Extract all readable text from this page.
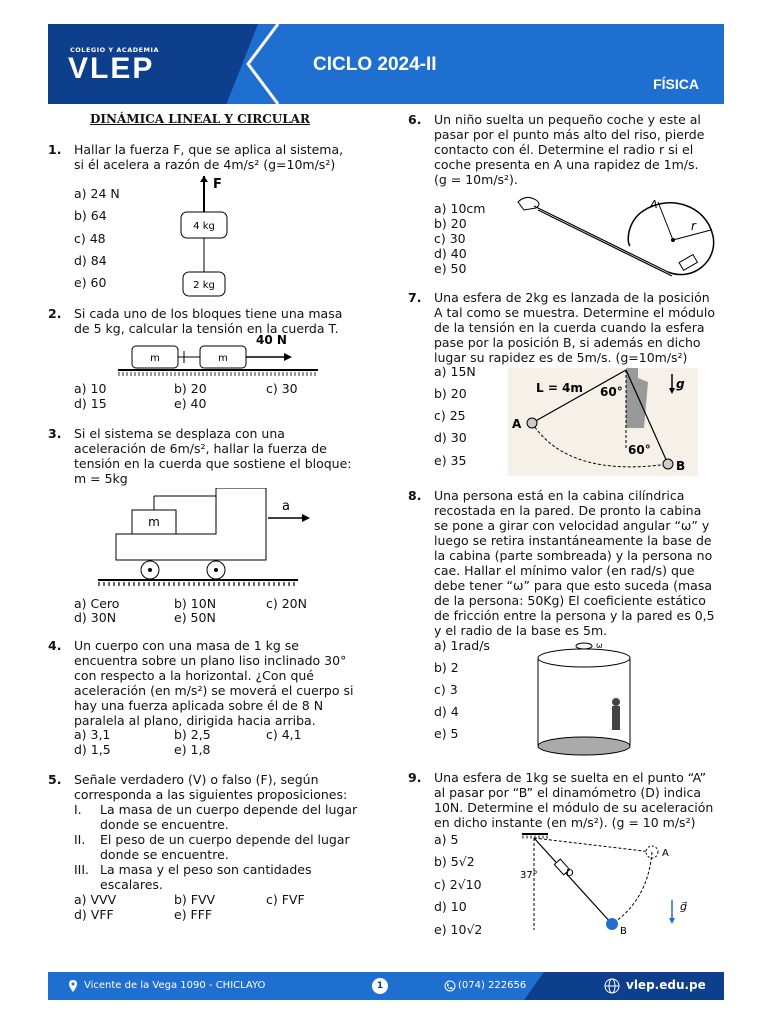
COLEGIO Y ACADEMIA
VLEP	CICLO 2024-II
FÍSICA
DINÁMICA LINEAL Y CIRCULAR
1. Hallar la fuerza F, que se aplica al sistema,
si él acelera a razón de 4m/s² (g=10m/s²)
a) 24 N
b) 64
c) 48
d) 84
e) 60
F
4 kg
2 kg
2. Si cada uno de los bloques tiene una masa
de 5 kg, calcular la tensión en la cuerda T.
m	m
40 N
a) 10	b) 20	c) 30
d) 15	e) 40
3. Si el sistema se desplaza con una
aceleración de 6m/s², hallar la fuerza de
tensión en la cuerda que sostiene el bloque:
m = 5kg
m
a
a) Cero	b) 10N	c) 20N
d) 30N	e) 50N
4. Un cuerpo con una masa de 1 kg se
encuentra sobre un plano liso inclinado 30°
con respecto a la horizontal. ¿Con qué
aceleración (en m/s²) se moverá el cuerpo si
hay una fuerza aplicada sobre él de 8 N
paralela al plano, dirigida hacia arriba.
a) 3,1	b) 2,5	c) 4,1
d) 1,5	e) 1,8
5. Señale verdadero (V) o falso (F), según
corresponda a las siguientes proposiciones:
I. La masa de un cuerpo depende del lugar
donde se encuentre.
II. El peso de un cuerpo depende del lugar
donde se encuentre.
III. La masa y el peso son cantidades
escalares.
a) VVV	b) FVV	c) FVF
d) VFF	e) FFF
6. Un niño suelta un pequeño coche y este al
pasar por el punto más alto del riso, pierde
contacto con él. Determine el radio r si el
coche presenta en A una rapidez de 1m/s.
(g = 10m/s²).
a) 10cm
b) 20
c) 30
d) 40
e) 50
A
r
7. Una esfera de 2kg es lanzada de la posición
A tal como se muestra. Determine el módulo
de la tensión en la cuerda cuando la esfera
pase por la posición B, si además en dicho
lugar su rapidez es de 5m/s. (g=10m/s²)
a) 15N
b) 20
c) 25
d) 30
e) 35
L = 4m 60°
60°
g
A
B
8. Una persona está en la cabina cilíndrica
recostada en la pared. De pronto la cabina
se pone a girar con velocidad angular “ω” y
luego se retira instantáneamente la base de
la cabina (parte sombreada) y la persona no
cae. Hallar el mínimo valor (en rad/s) que
debe tener “ω” para que esto suceda (masa
de la persona: 50Kg) El coeficiente estático
de fricción entre la persona y la pared es 0,5
y el radio de la base es 5m.
a) 1rad/s
b) 2
c) 3
d) 4
e) 5
ω
9. Una esfera de 1kg se suelta en el punto “A”
al pasar por “B” el dinamómetro (D) indica
10N. Determine el módulo de su aceleración
en dicho instante (en m/s²). (g = 10 m/s²)
a) 5
b) 5√2
c) 2√10
d) 10
e) 10√2
37°	D
A
B
g⃗
Vicente de la Vega 1090 - CHICLAYO	1	(074) 222656	vlep.edu.pe
